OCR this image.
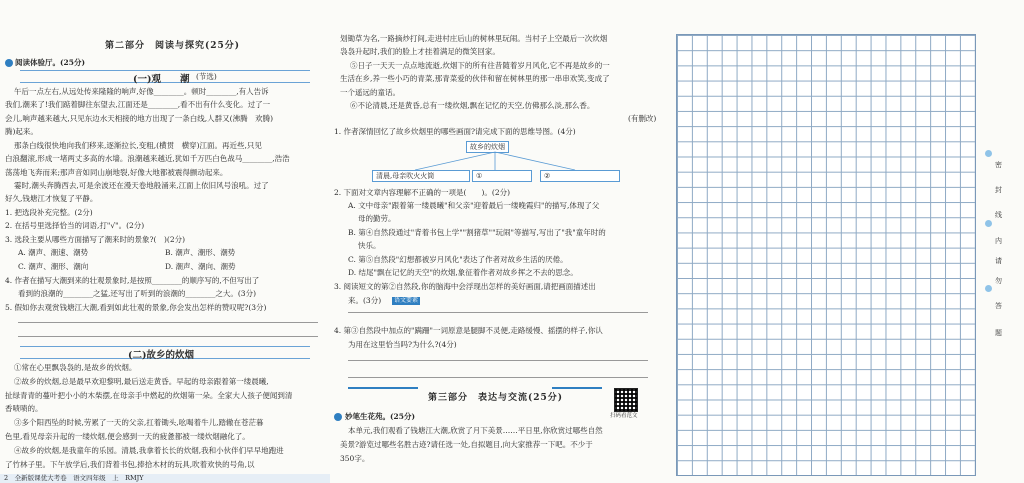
第二部分　阅读与探究(25分)
阅读体验厅。(25分)
(一)观　　潮 (节选)
午后一点左右,从远处传来隆隆的响声,好像________。顿时________,有人告诉
我们,潮来了!我们踮着脚往东望去,江面还是________,看不出有什么变化。过了一
会儿,响声越来越大,只见东边水天相接的地方出现了一条白线,人群又(沸腾　欢腾)
腾)起来。
那条白线很快地向我们移来,逐渐拉长,变粗,(横贯　横穿)江面。再近些,只见
白浪翻滚,形成一堵两丈多高的水墙。浪潮越来越近,犹如千万匹白色战马________,浩浩
荡荡地飞奔而来;那声音如同山崩地裂,好像大地都被震得颤动起来。
霎时,潮头奔腾西去,可是余波还在漫天卷地般涌来,江面上依旧风号浪吼。过了
好久,钱塘江才恢复了平静。
1. 把选段补充完整。(2分)
2. 在括号里选择恰当的词语,打"√"。(2分)
3. 选段主要从哪些方面描写了潮来时的景象?(　)(2分)
A. 潮声、潮速、潮势	B. 潮声、潮形、潮势
C. 潮声、潮形、潮向	D. 潮声、潮向、潮势
4. 作者在描写大潮到来的壮观景象时,是按照________的顺序写的,不但写出了
看到的浪潮的________之猛,还写出了听到的浪潮的________之大。(3分)
5. 假如你去观赏钱塘江大潮,看到如此壮观的景象,你会发出怎样的赞叹呢?(3分)
(二)故乡的炊烟
①常在心里飘袅袅的,是故乡的炊烟。
②故乡的炊烟,总是最早欢迎黎明,最后送走黄昏。早起的母亲跟着第一缕晨曦,
扯绿青青的蔓叶把小小的木柴摆,在母亲手中燃起的炊烟第一朵。全家大人孩子便闻到清
香啧啧的。
③多个阳西坠的时候,劳累了一天的父亲,扛着锄头,吆喝着牛儿,踏辙在苍茫暮
色里,看见母亲升起的一缕炊烟,便会感到一天的疲惫都被一缕炊烟融化了。
④故乡的炊烟,是我童年的乐园。清晨,我拿着长长的炊烟,我和小伙伴们早早地跑进
了竹林子里。下午放学后,我们背着书包,捧拾木材的玩具,吹着欢快的号角,以
2　全新版课优大考卷　语文四年级　上　RMJY
划锄草为名,一路摘炒打间,走进村庄后山的树林里玩闹。当村子上空最后一次炊烟
袅袅升起时,我们的脸上才挂着满足的微笑回家。
⑤日子一天天一点点地流逝,炊烟下的所有往昔随着岁月风化,它不再是故乡的一
生活在乡,养一些小巧的青菜,那青菜爱的伙伴和留在树林里的那一串串欢笑,变成了
一个遥远的童话。
⑥不论清晨,还是黄昏,总有一缕炊烟,飘在记忆的天空,仿佛那么淡,那么香。
(有删改)
1. 作者深情回忆了故乡炊烟里的哪些画面?请完成下面的思维导图。(4分)
故乡的炊烟
清晨,母亲吹火火筒	①	②
2. 下面对文章内容理解不正确的一项是(　　)。(2分)
A. 文中母亲"跟着第一缕晨曦"和父亲"迎着最后一缕晚霞归"的描写,体现了父
母的勤劳。
B. 第④自然段通过"背着书包上学""割猪草""玩闹"等描写,写出了"我"童年时的
快乐。
C. 第⑤自然段"幻想都被岁月风化"表达了作者对故乡生活的厌倦。
D. 结尾"飘在记忆的天空"的炊烟,象征着作者对故乡挥之不去的思念。
3. 阅读短文的第②自然段,你的脑海中会浮现出怎样的美好画面,请把画面描述出
来。(3分)	语文要素
4. 第③自然段中加点的"蹒跚"一词原意是腿脚不灵便,走路缓慢、摇摆的样子,你认
为用在这里恰当吗?为什么?(4分)
第三部分　表达与交流(25分)
扫码看范文
妙笔生花苑。(25分)
本单元,我们观看了钱塘江大潮,欣赏了月下美景……平日里,你欣赏过哪些自然
美景?游览过哪些名胜古迹?请任选一处,自拟题目,向大家推荐一下吧。不少于
350字。
密
封
线
内
请
勿
答
题
